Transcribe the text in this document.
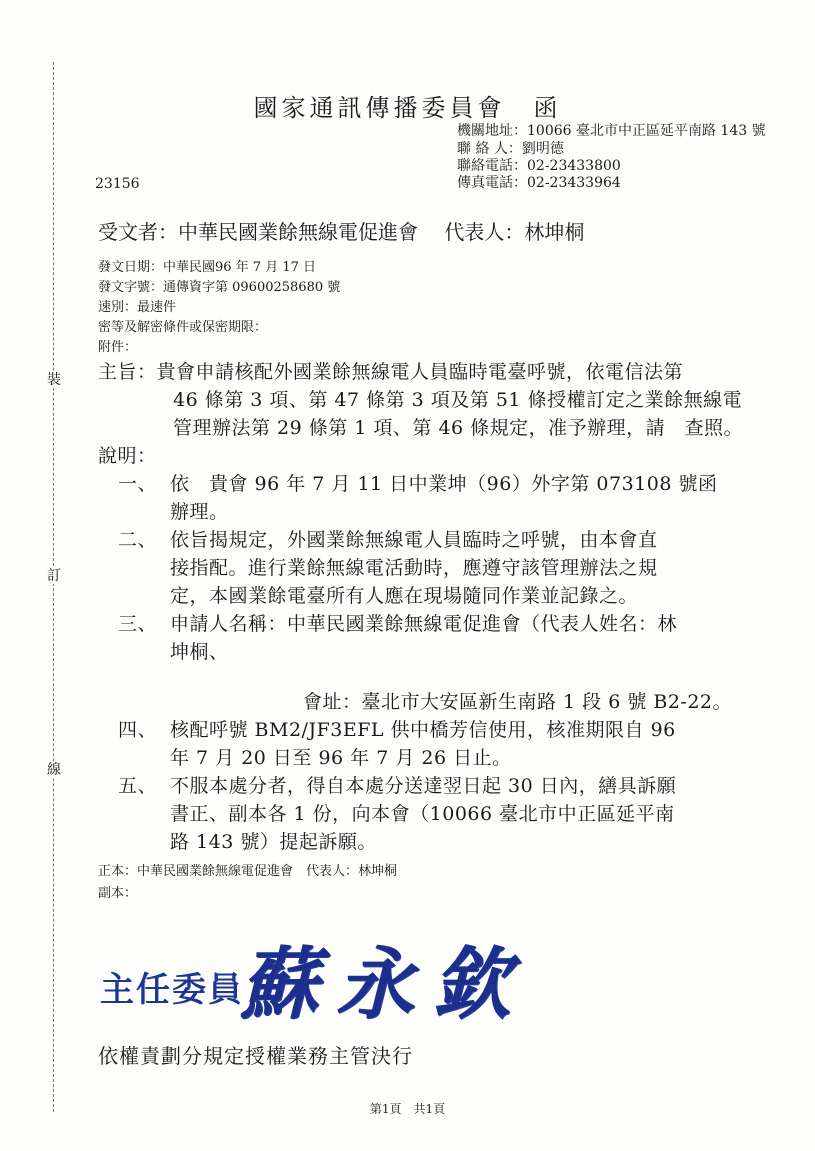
裝
訂
線
國家通訊傳播委員會　函
機關地址：10066 臺北市中正區延平南路 143 號
聯 絡 人：劉明德
聯絡電話：02-23433800
傳真電話：02-23433964
23156
受文者：中華民國業餘無線電促進會　 代表人：林坤桐
發文日期：中華民國96 年 7 月 17 日
發文字號：通傳資字第 09600258680 號
速別：最速件
密等及解密條件或保密期限：
附件：
主旨：貴會申請核配外國業餘無線電人員臨時電臺呼號，依電信法第
46 條第 3 項、第 47 條第 3 項及第 51 條授權訂定之業餘無線電
管理辦法第 29 條第 1 項、第 46 條規定，准予辦理，請　查照。
說明：
一、 依　貴會 96 年 7 月 11 日中業坤（96）外字第 073108 號函
辦理。
二、 依旨揭規定，外國業餘無線電人員臨時之呼號，由本會直
接指配。進行業餘無線電活動時，應遵守該管理辦法之規
定，本國業餘電臺所有人應在現場隨同作業並記錄之。
三、 申請人名稱：中華民國業餘無線電促進會（代表人姓名：林
坤桐、
會址：臺北市大安區新生南路 1 段 6 號 B2-22。
四、 核配呼號 BM2/JF3EFL 供中橋芳信使用，核准期限自 96
年 7 月 20 日至 96 年 7 月 26 日止。
五、 不服本處分者，得自本處分送達翌日起 30 日內，繕具訴願
書正、副本各 1 份，向本會（10066 臺北市中正區延平南
路 143 號）提起訴願。
正本：中華民國業餘無線電促進會　代表人：林坤桐
副本：
主任委員
蘇永欽
依權責劃分規定授權業務主管決行
第1頁　共1頁
